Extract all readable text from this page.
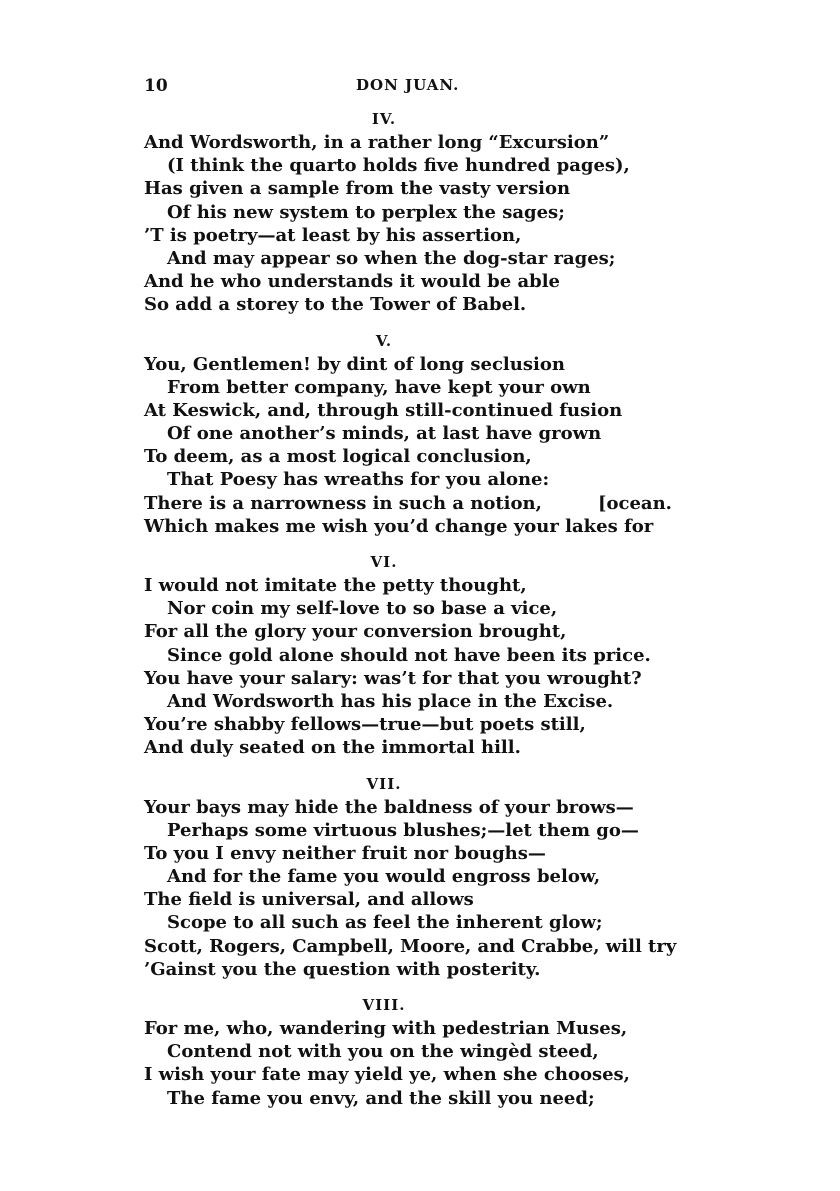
10	DON JUAN.
IV.
And Wordsworth, in a rather long “Excursion”
(I think the quarto holds five hundred pages),
Has given a sample from the vasty version
Of his new system to perplex the sages;
’T is poetry—at least by his assertion,
And may appear so when the dog-star rages;
And he who understands it would be able
So add a storey to the Tower of Babel.
V.
You, Gentlemen! by dint of long seclusion
From better company, have kept your own
At Keswick, and, through still-continued fusion
Of one another’s minds, at last have grown
To deem, as a most logical conclusion,
That Poesy has wreaths for you alone:
There is a narrowness in such a notion,	[ocean.
Which makes me wish you’d change your lakes for
VI.
I would not imitate the petty thought,
Nor coin my self-love to so base a vice,
For all the glory your conversion brought,
Since gold alone should not have been its price.
You have your salary: was’t for that you wrought?
And Wordsworth has his place in the Excise.
You’re shabby fellows—true—but poets still,
And duly seated on the immortal hill.
VII.
Your bays may hide the baldness of your brows—
Perhaps some virtuous blushes;—let them go—
To you I envy neither fruit nor boughs—
And for the fame you would engross below,
The field is universal, and allows
Scope to all such as feel the inherent glow;
Scott, Rogers, Campbell, Moore, and Crabbe, will try
’Gainst you the question with posterity.
VIII.
For me, who, wandering with pedestrian Muses,
Contend not with you on the wingèd steed,
I wish your fate may yield ye, when she chooses,
The fame you envy, and the skill you need;
